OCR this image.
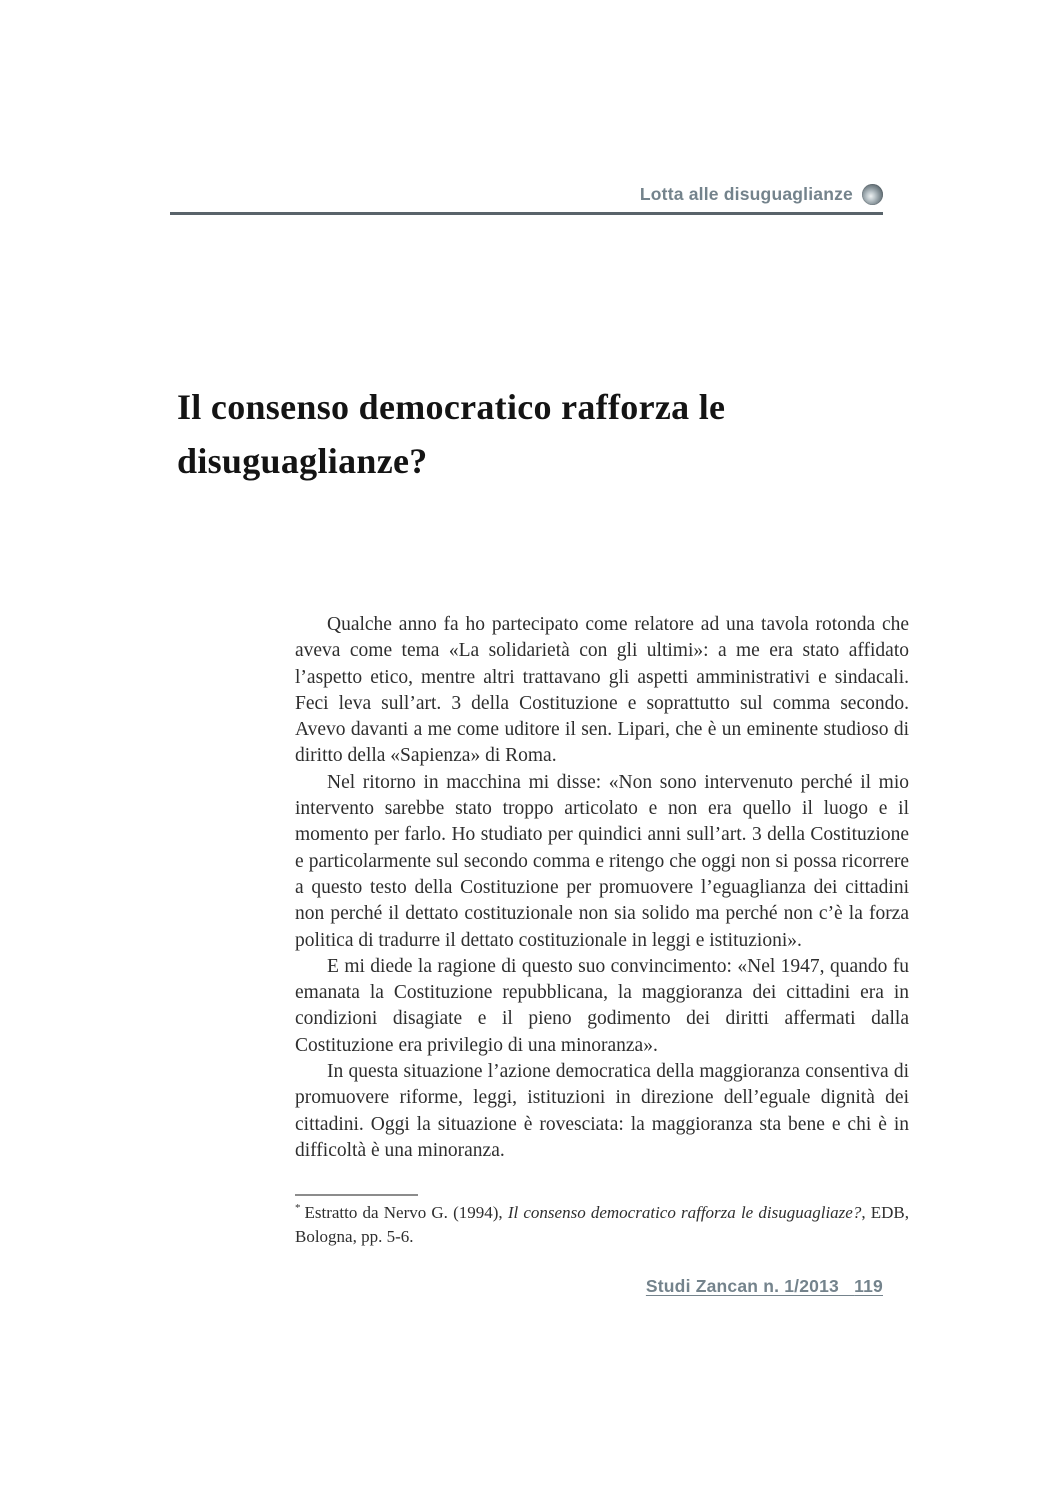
Lotta alle disuguaglianze
Il consenso democratico rafforza le disuguaglianze?

Qualche anno fa ho partecipato come relatore ad una tavola rotonda che aveva come tema «La solidarietà con gli ultimi»: a me era stato affidato l’aspetto etico, mentre altri trattavano gli aspetti amministrativi e sindacali. Feci leva sull’art. 3 della Costituzione e soprattutto sul comma secondo. Avevo davanti a me come uditore il sen. Lipari, che è un eminente studioso di diritto della «Sapienza» di Roma.

Nel ritorno in macchina mi disse: «Non sono intervenuto perché il mio intervento sarebbe stato troppo articolato e non era quello il luogo e il momento per farlo. Ho studiato per quindici anni sull’art. 3 della Costituzione e particolarmente sul secondo comma e ritengo che oggi non si possa ricorrere a questo testo della Costituzione per promuovere l’eguaglianza dei cittadini non perché il dettato costituzionale non sia solido ma perché non c’è la forza politica di tradurre il dettato costituzionale in leggi e istituzioni».

E mi diede la ragione di questo suo convincimento: «Nel 1947, quando fu emanata la Costituzione repubblicana, la maggioranza dei cittadini era in condizioni disagiate e il pieno godimento dei diritti affermati dalla Costituzione era privilegio di una minoranza».

In questa situazione l’azione democratica della maggioranza consentiva di promuovere riforme, leggi, istituzioni in direzione dell’eguale dignità dei cittadini. Oggi la situazione è rovesciata: la maggioranza sta bene e chi è in difficoltà è una minoranza.

* Estratto da Nervo G. (1994), Il consenso democratico rafforza le disuguagliaze?, EDB, Bologna, pp. 5-6.
Studi Zancan n. 1/2013 119
